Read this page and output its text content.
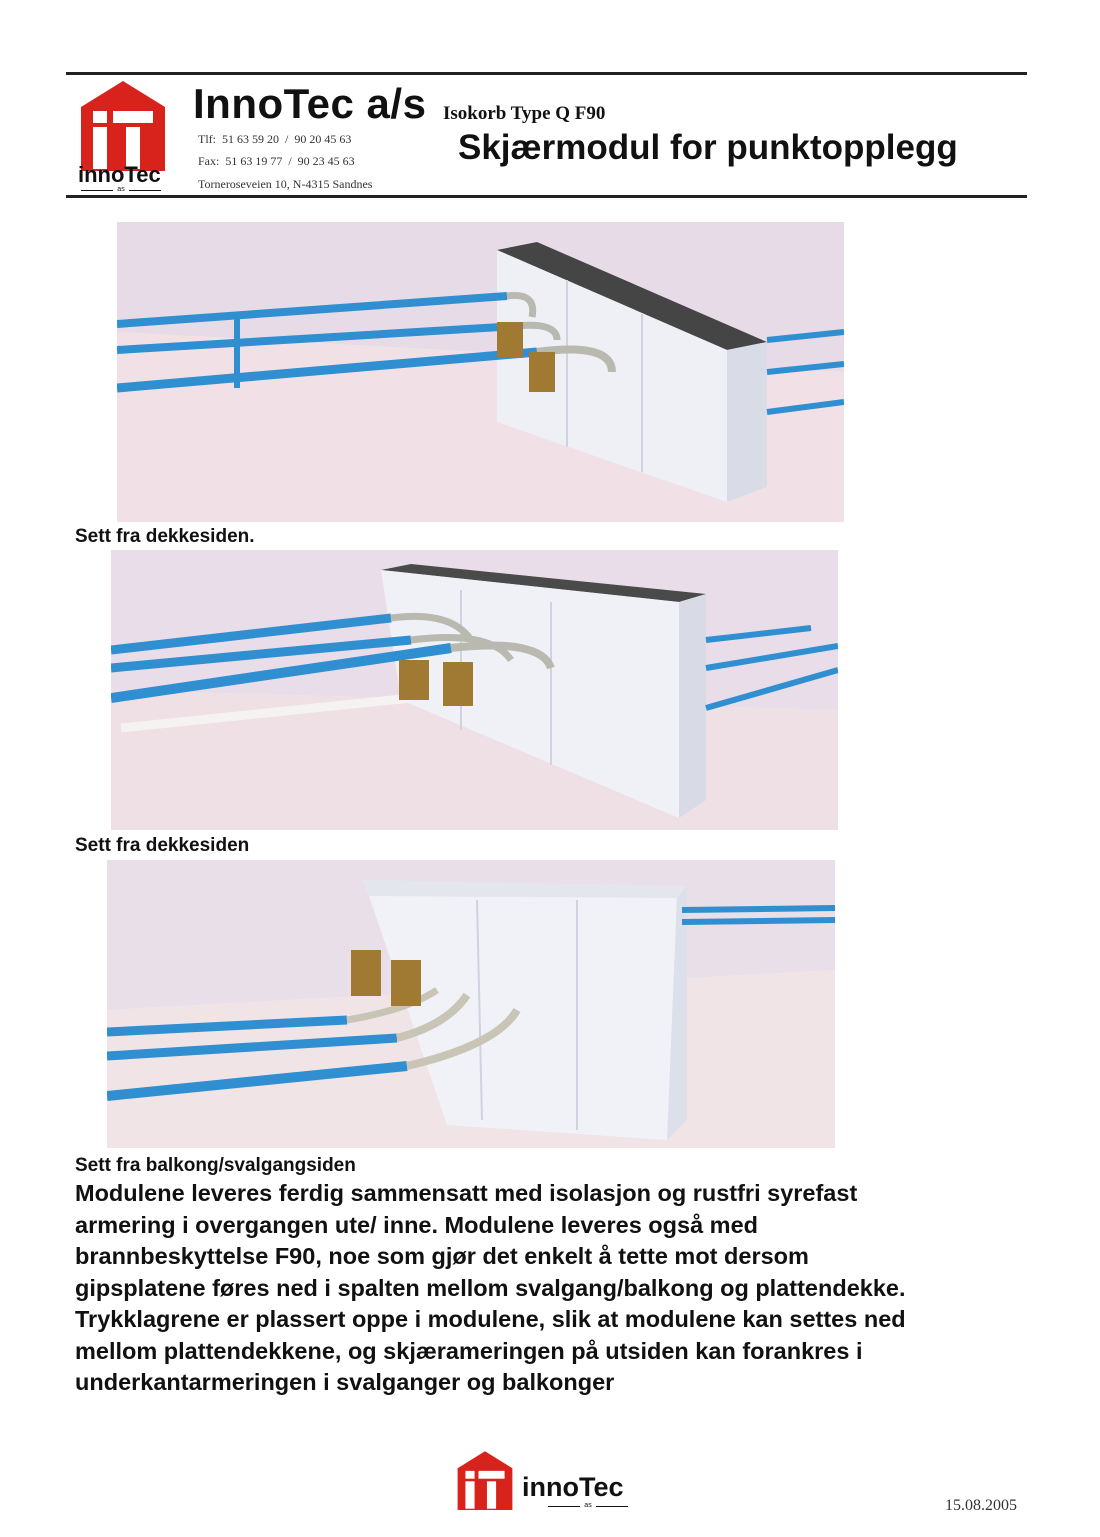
innoTec
as
InnoTec a/s
Tlf:  51 63 59 20  /  90 20 45 63
Fax:  51 63 19 77  /  90 23 45 63
Torneroseveien 10, N-4315 Sandnes
Isokorb Type Q F90
Skjærmodul for punktopplegg
Sett fra dekkesiden.
Sett fra dekkesiden
Sett fra balkong/svalgangsiden
Modulene leveres ferdig sammensatt med isolasjon og rustfri syrefast
armering i overgangen ute/ inne. Modulene leveres også med
brannbeskyttelse F90, noe som gjør det enkelt å tette mot dersom
gipsplatene føres ned i spalten mellom svalgang/balkong og plattendekke.
Trykklagrene er plassert oppe i modulene, slik at modulene kan settes ned
mellom plattendekkene, og skjærameringen på utsiden kan forankres i
underkantarmeringen i svalganger og balkonger
innoTec
as	15.08.2005
